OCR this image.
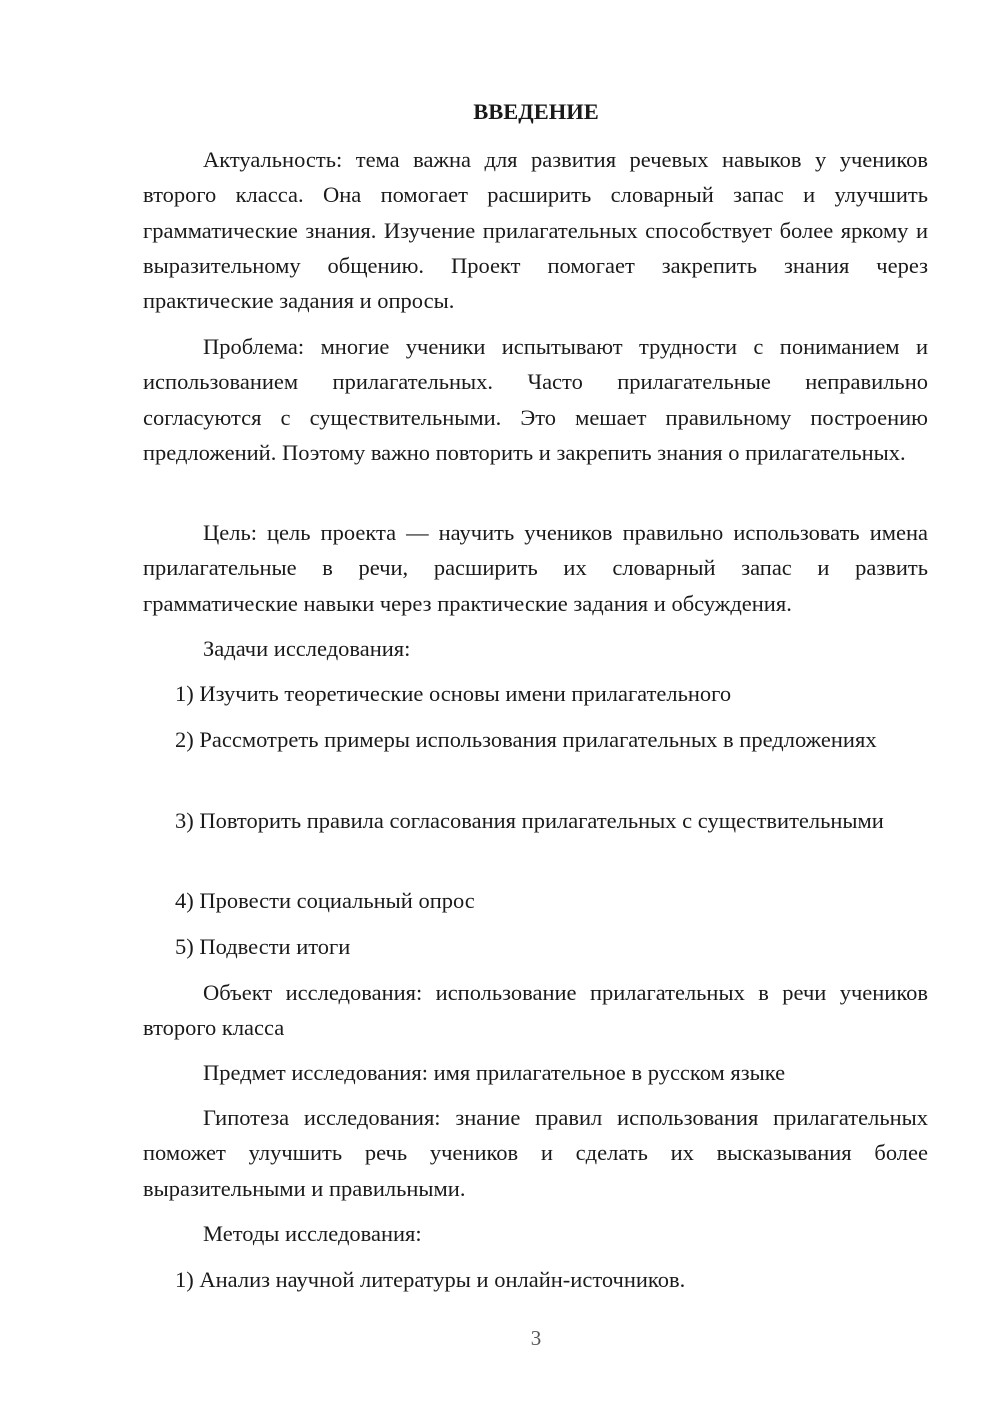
ВВЕДЕНИЕ

Актуальность: тема важна для развития речевых навыков у учеников второго класса. Она помогает расширить словарный запас и улучшить грамматические знания. Изучение прилагательных способствует более яркому и выразительному общению. Проект помогает закрепить знания через практические задания и опросы.

Проблема: многие ученики испытывают трудности с пониманием и использованием прилагательных. Часто прилагательные неправильно согласуются с существительными. Это мешает правильному построению предложений. Поэтому важно повторить и закрепить знания о прилагательных.

Цель: цель проекта — научить учеников правильно использовать имена прилагательные в речи, расширить их словарный запас и развить грамматические навыки через практические задания и обсуждения.

Задачи исследования:

1) Изучить теоретические основы имени прилагательного

2) Рассмотреть примеры использования прилагательных в предложениях

3) Повторить правила согласования прилагательных с существительными

4) Провести социальный опрос

5) Подвести итоги

Объект исследования: использование прилагательных в речи учеников второго класса

Предмет исследования: имя прилагательное в русском языке

Гипотеза исследования: знание правил использования прилагательных поможет улучшить речь учеников и сделать их высказывания более выразительными и правильными.

Методы исследования:

1) Анализ научной литературы и онлайн-источников.

3
